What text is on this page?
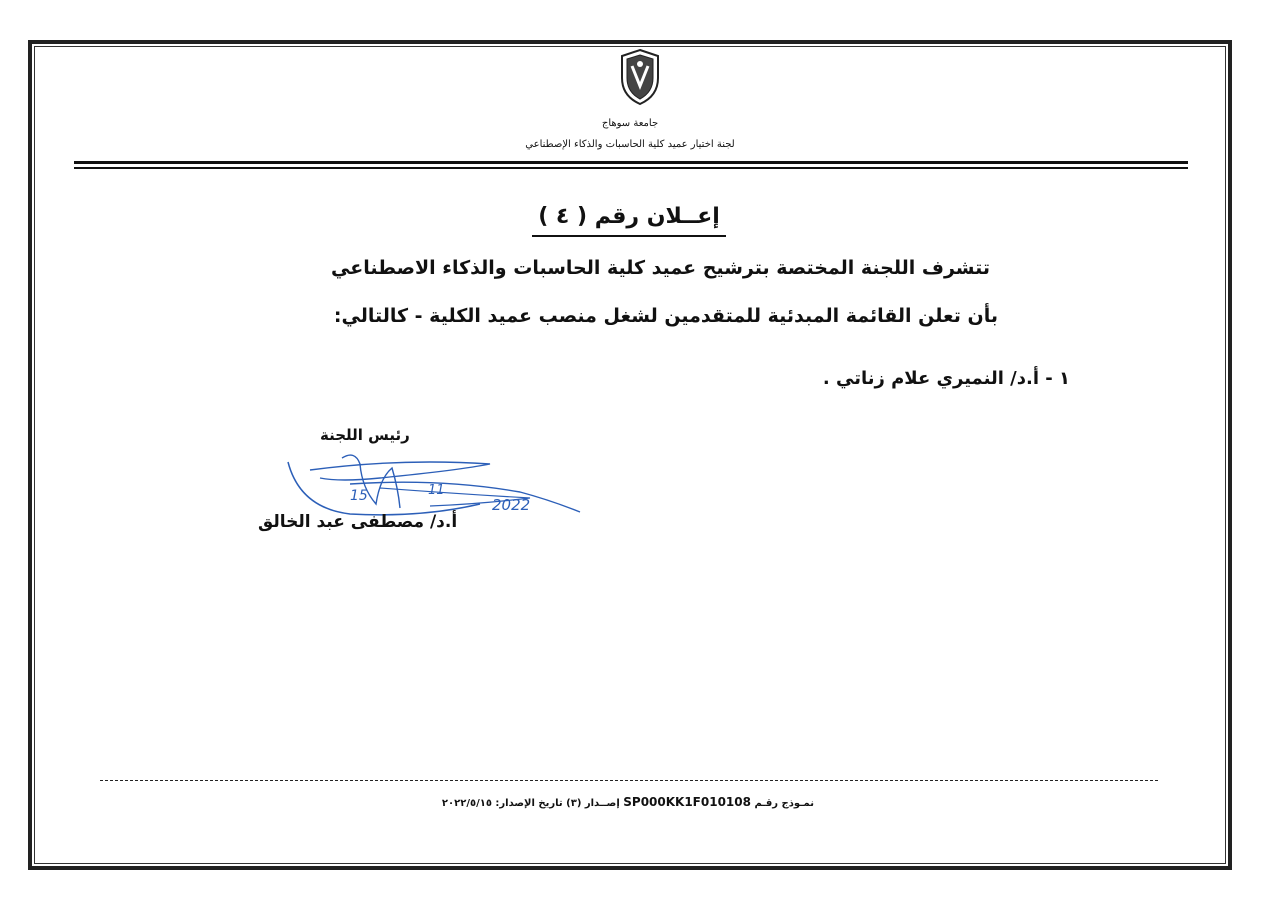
جامعة سوهاج
لجنة اختيار عميد كلية الحاسبات والذكاء الإصطناعي
إعــلان رقم ( ٤ )
تتشرف اللجنة المختصة بترشيح عميد كلية الحاسبات والذكاء الاصطناعي
بأن تعلن القائمة المبدئية للمتقدمين لشغل منصب عميد الكلية - كالتالي:
١ - أ.د/ النميري علام زناتي .
رئيس اللجنة
15	11
2022
أ.د/ مصطفى عبد الخالق
نمـوذج رقـم SP000KK1F010108 إصــدار (٣) تاريخ الإصدار: ٢٠٢٢/٥/١٥
